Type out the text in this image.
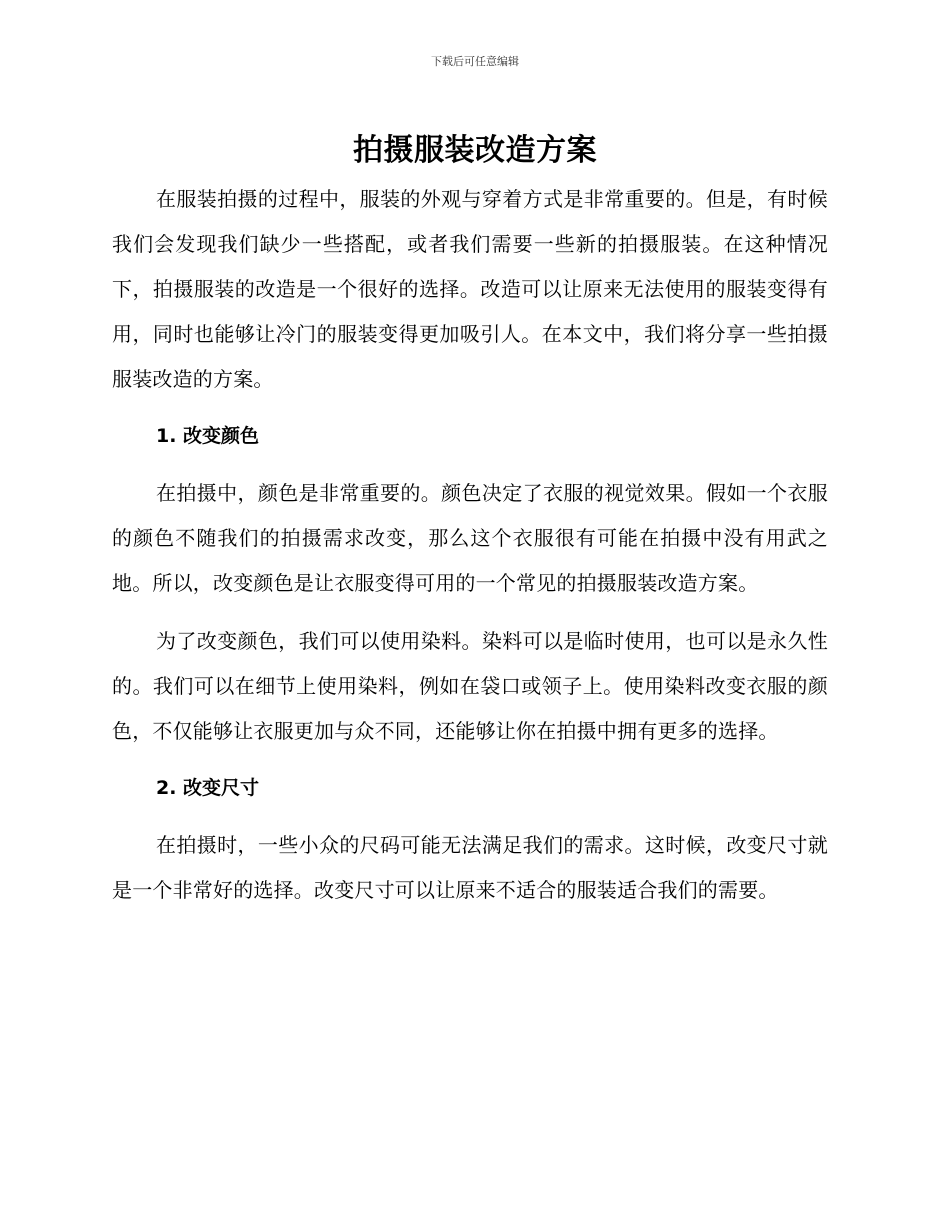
下载后可任意编辑
拍摄服装改造方案

在服装拍摄的过程中，服装的外观与穿着方式是非常重要的。但是，有时候我们会发现我们缺少一些搭配，或者我们需要一些新的拍摄服装。在这种情况下，拍摄服装的改造是一个很好的选择。改造可以让原来无法使用的服装变得有用，同时也能够让冷门的服装变得更加吸引人。在本文中，我们将分享一些拍摄服装改造的方案。

1. 改变颜色

在拍摄中，颜色是非常重要的。颜色决定了衣服的视觉效果。假如一个衣服的颜色不随我们的拍摄需求改变，那么这个衣服很有可能在拍摄中没有用武之地。所以，改变颜色是让衣服变得可用的一个常见的拍摄服装改造方案。

为了改变颜色，我们可以使用染料。染料可以是临时使用，也可以是永久性的。我们可以在细节上使用染料，例如在袋口或领子上。使用染料改变衣服的颜色，不仅能够让衣服更加与众不同，还能够让你在拍摄中拥有更多的选择。

2. 改变尺寸

在拍摄时，一些小众的尺码可能无法满足我们的需求。这时候，改变尺寸就是一个非常好的选择。改变尺寸可以让原来不适合的服装适合我们的需要。
